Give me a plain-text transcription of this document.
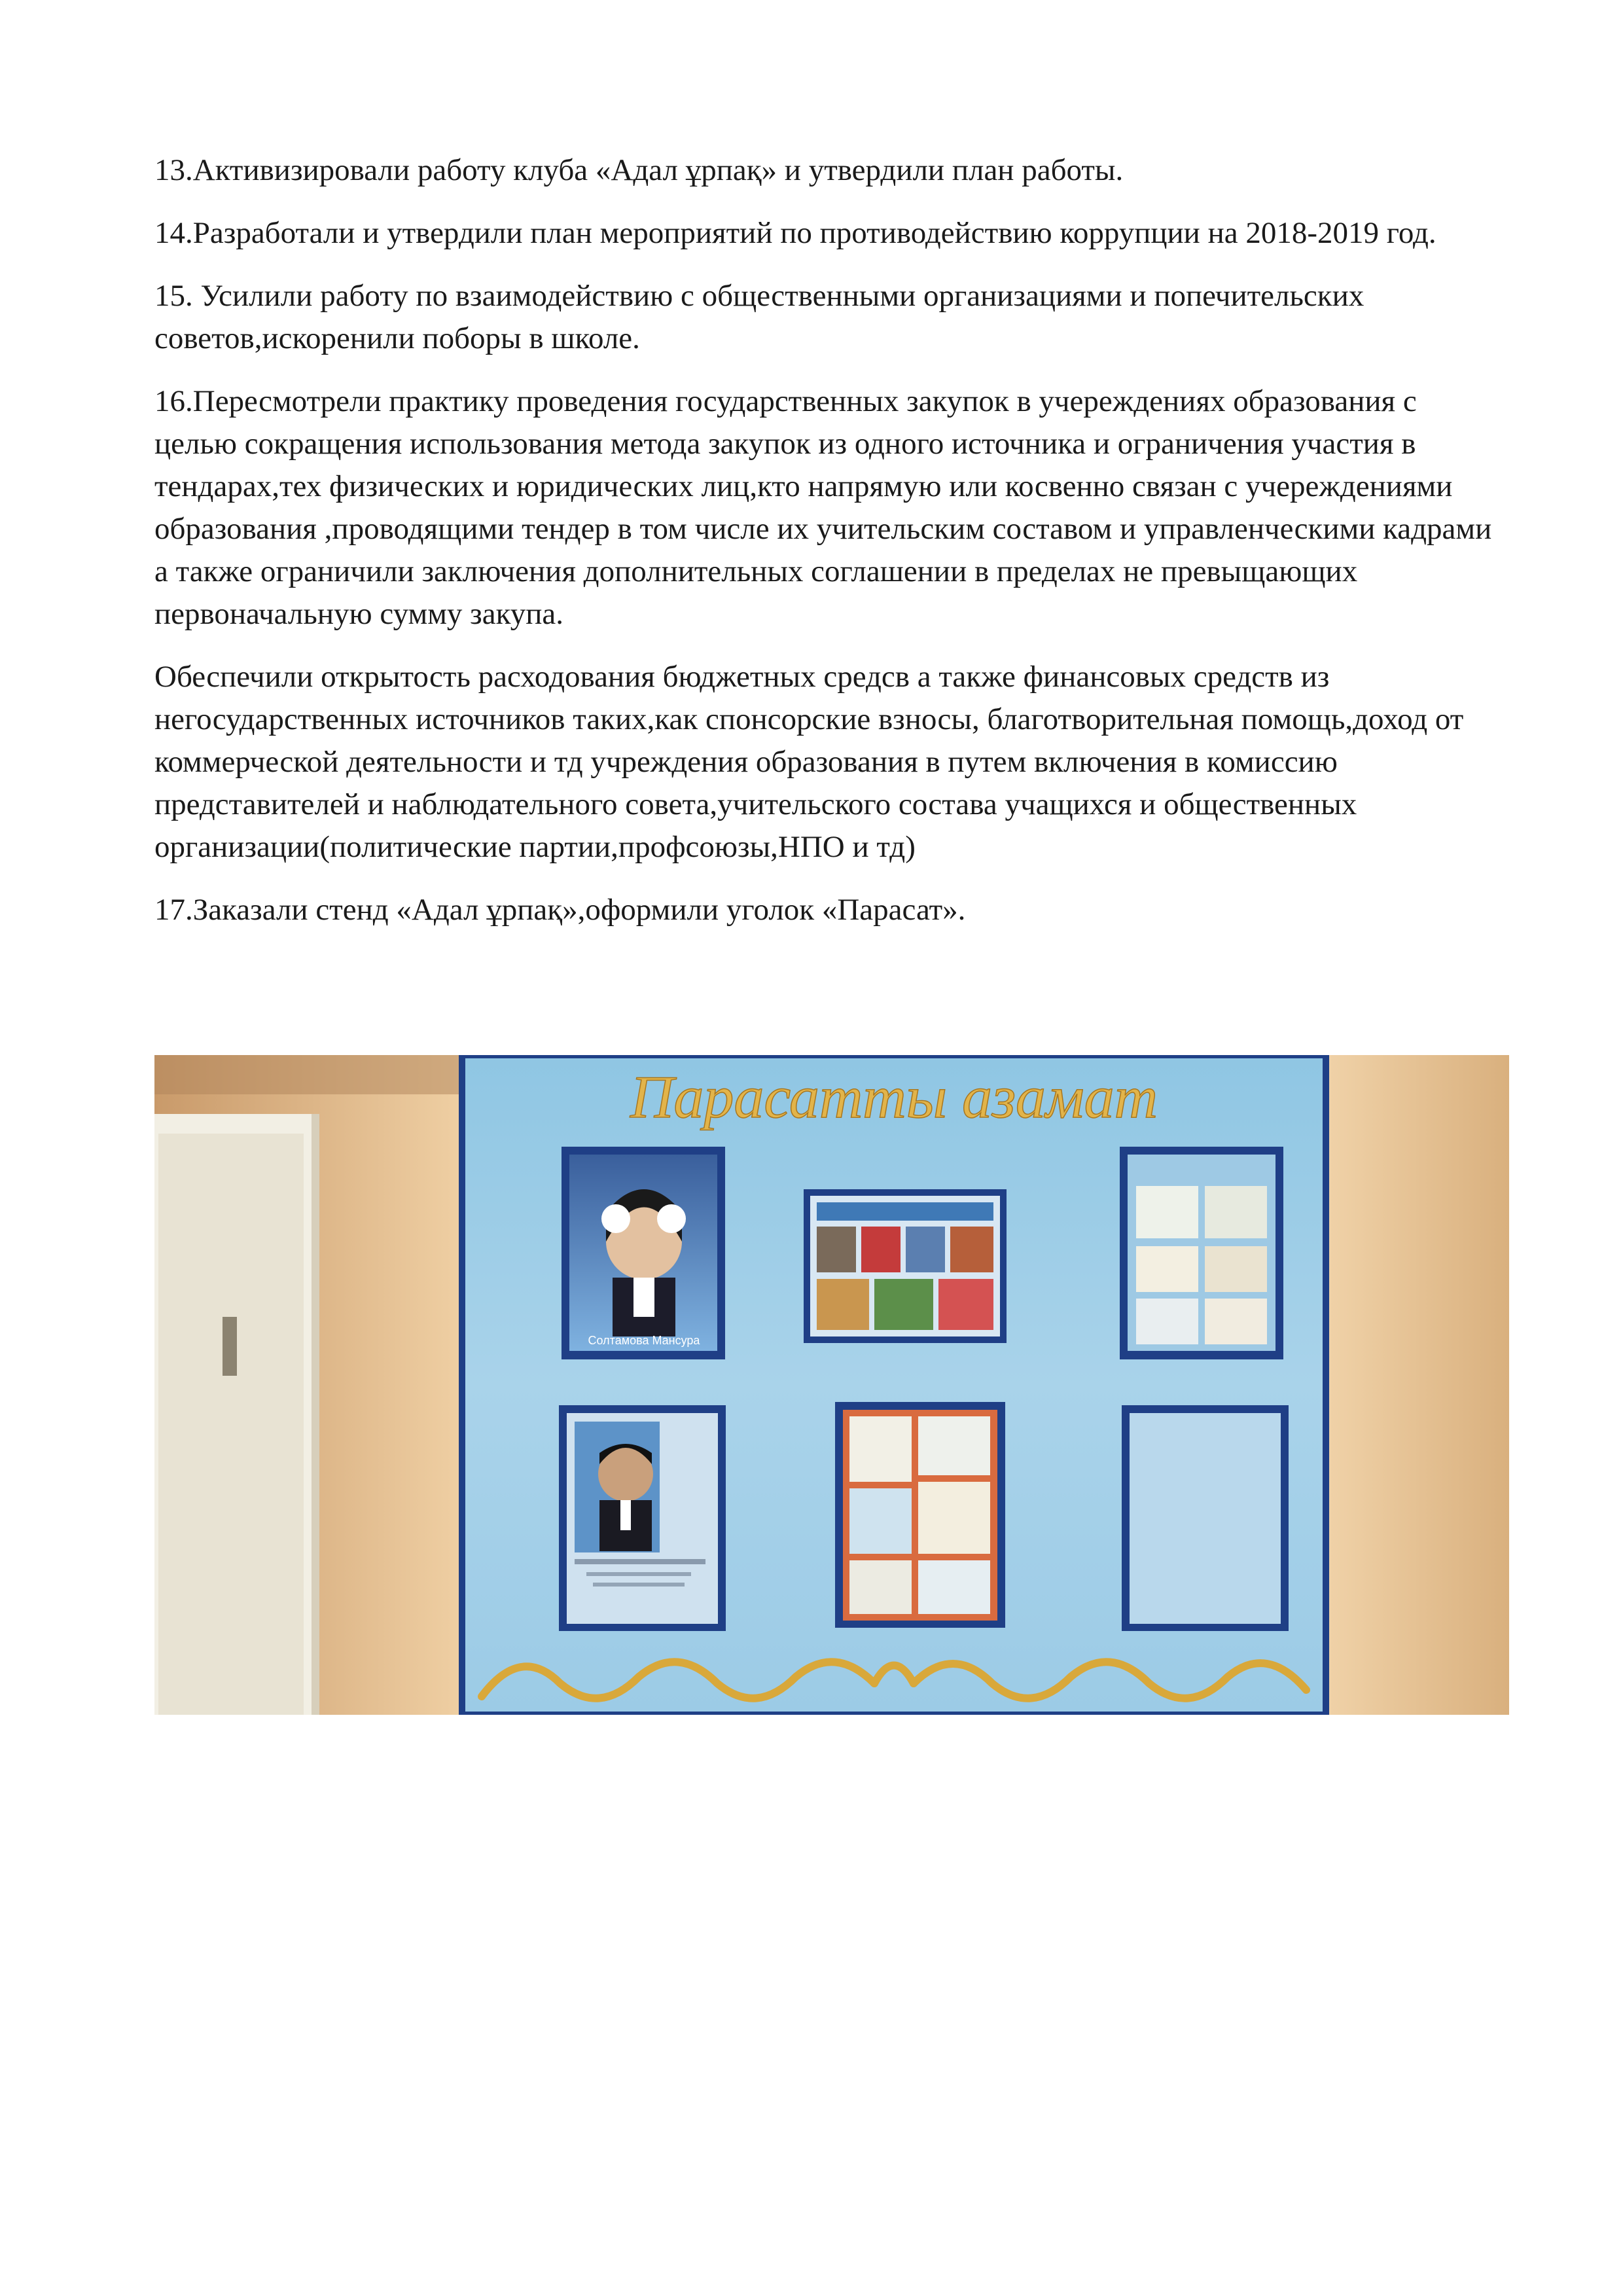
13.Активизировали работу клуба «Адал ұрпақ» и утвердили план работы.

14.Разработали и утвердили план мероприятий по противодействию коррупции на 2018-2019 год.

15. Усилили работу по взаимодействию с общественными организациями и попечительских советов,искоренили поборы в школе.

16.Пересмотрели практику проведения государственных закупок в учереждениях образования с целью сокращения использования метода закупок из одного источника и ограничения участия в тендарах,тех физических и юридических лиц,кто напрямую или косвенно связан с учереждениями образования ,проводящими тендер в том числе их учительским составом и управленческими кадрами а также ограничили заключения дополнительных соглашении в пределах не превыщающих первоначальную сумму закупа.

Обеспечили открытость расходования бюджетных средсв а также финансовых средств из негосударственных источников таких,как спонсорские взносы, благотворительная помощь,доход от коммерческой деятельности и тд учреждения образования в путем включения в комиссию представителей и наблюдательного совета,учительского состава учащихся и общественных организации(политические партии,профсоюзы,НПО и тд)

17.Заказали стенд «Адал ұрпақ»,оформили уголок «Парасат».

Парасатты азамат
Солтамова Мансура
